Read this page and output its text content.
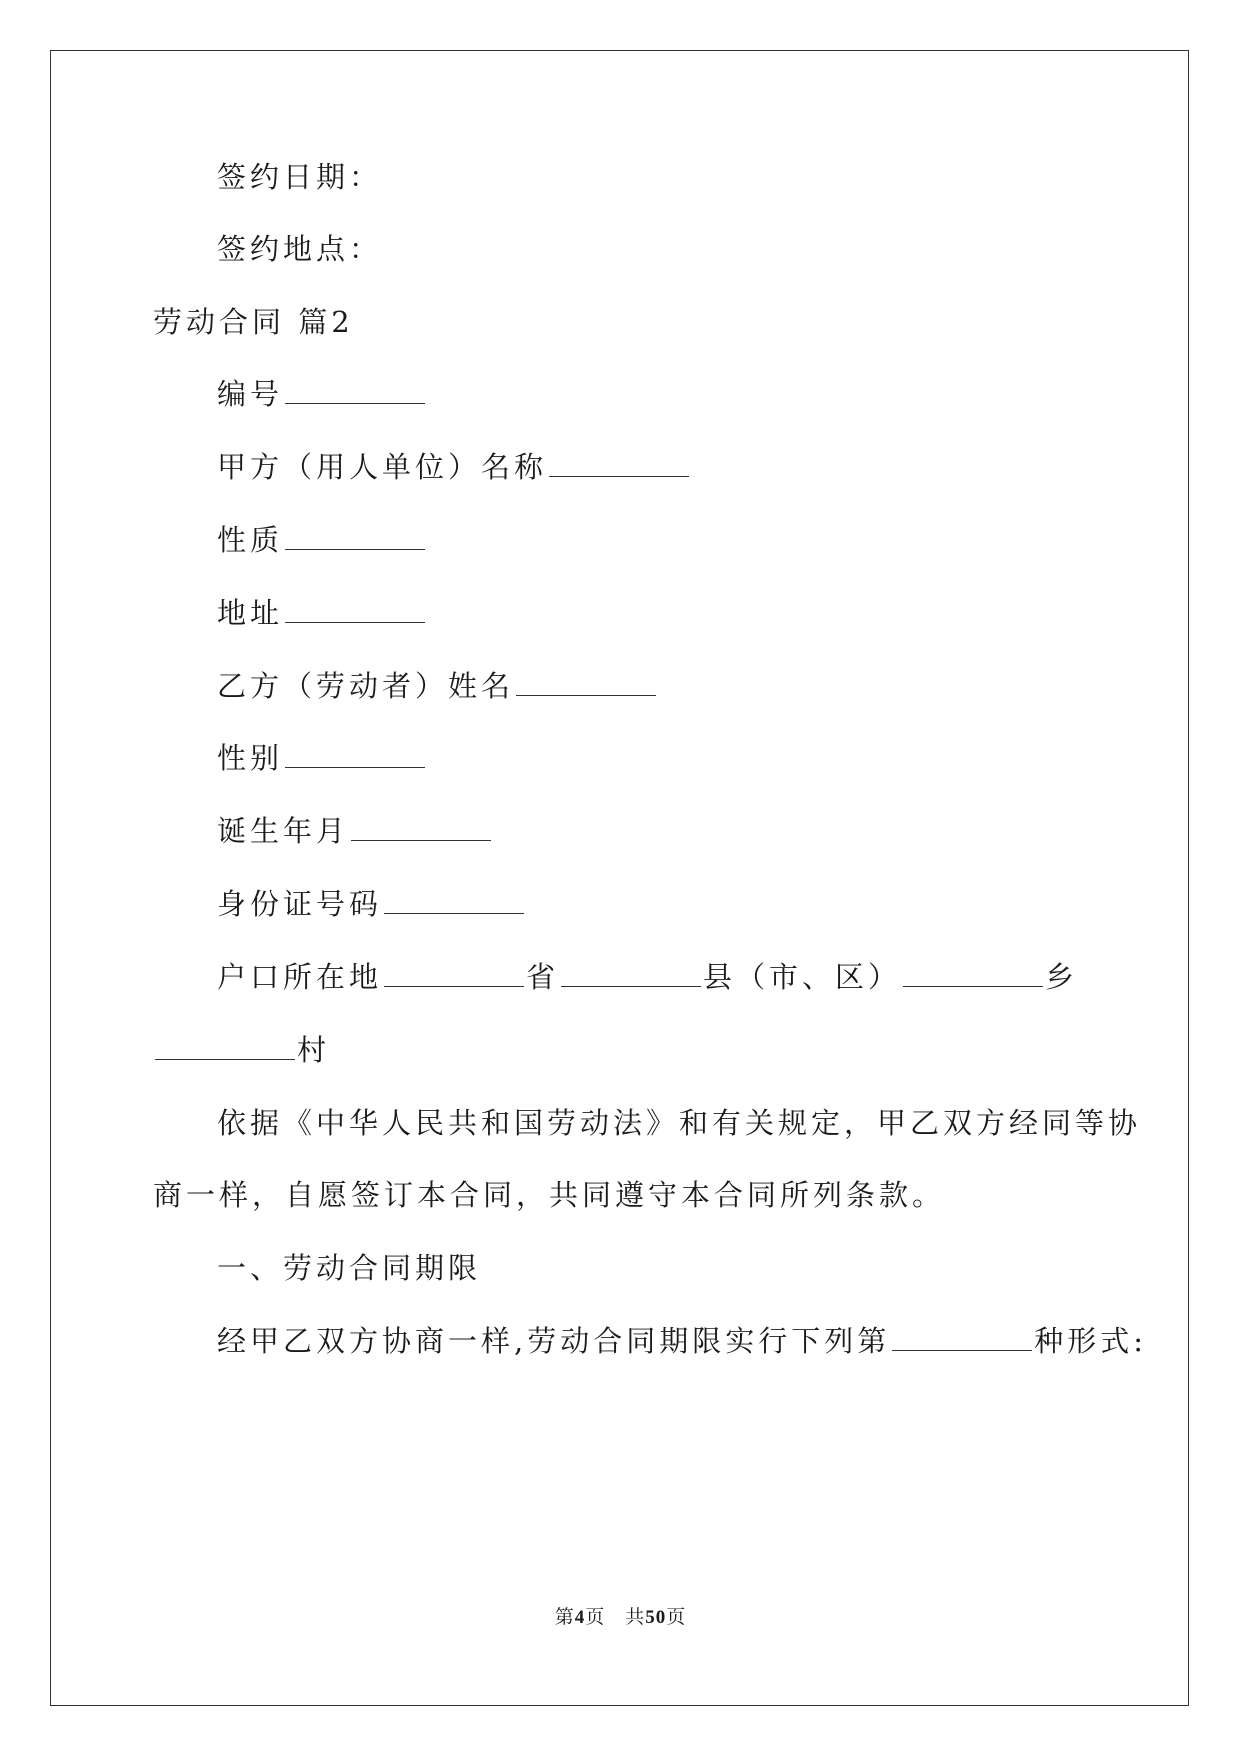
签约日期：
签约地点：
劳动合同 篇2
编号
甲方（用人单位）名称
性质
地址
乙方（劳动者）姓名
性别
诞生年月
身份证号码
户口所在地	省	县（市、区）	乡
村
依据《中华人民共和国劳动法》和有关规定，甲乙双方经同等协
商一样，自愿签订本合同，共同遵守本合同所列条款。
一、劳动合同期限
经甲乙双方协商一样,劳动合同期限实行下列第	种形式:
第4页　共50页
